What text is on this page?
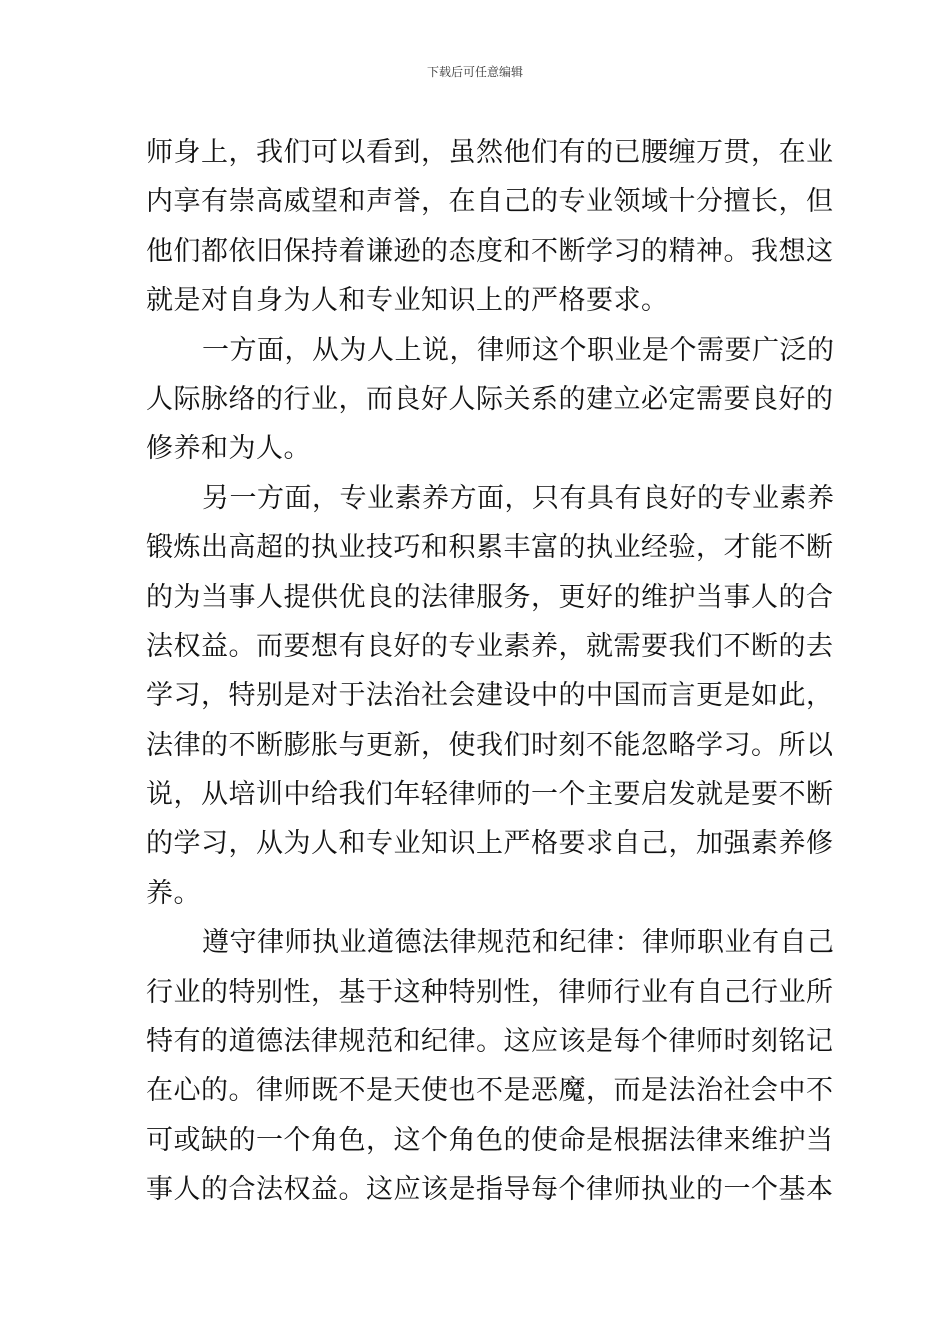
下载后可任意编辑
师身上，我们可以看到，虽然他们有的已腰缠万贯，在业
内享有崇高威望和声誉，在自己的专业领域十分擅长，但
他们都依旧保持着谦逊的态度和不断学习的精神。我想这
就是对自身为人和专业知识上的严格要求。
一方面，从为人上说，律师这个职业是个需要广泛的
人际脉络的行业，而良好人际关系的建立必定需要良好的
修养和为人。
另一方面，专业素养方面，只有具有良好的专业素养
锻炼出高超的执业技巧和积累丰富的执业经验，才能不断
的为当事人提供优良的法律服务，更好的维护当事人的合
法权益。而要想有良好的专业素养，就需要我们不断的去
学习，特别是对于法治社会建设中的中国而言更是如此，
法律的不断膨胀与更新，使我们时刻不能忽略学习。所以
说，从培训中给我们年轻律师的一个主要启发就是要不断
的学习，从为人和专业知识上严格要求自己，加强素养修
养。
遵守律师执业道德法律规范和纪律：律师职业有自己
行业的特别性，基于这种特别性，律师行业有自己行业所
特有的道德法律规范和纪律。这应该是每个律师时刻铭记
在心的。律师既不是天使也不是恶魔，而是法治社会中不
可或缺的一个角色，这个角色的使命是根据法律来维护当
事人的合法权益。这应该是指导每个律师执业的一个基本
